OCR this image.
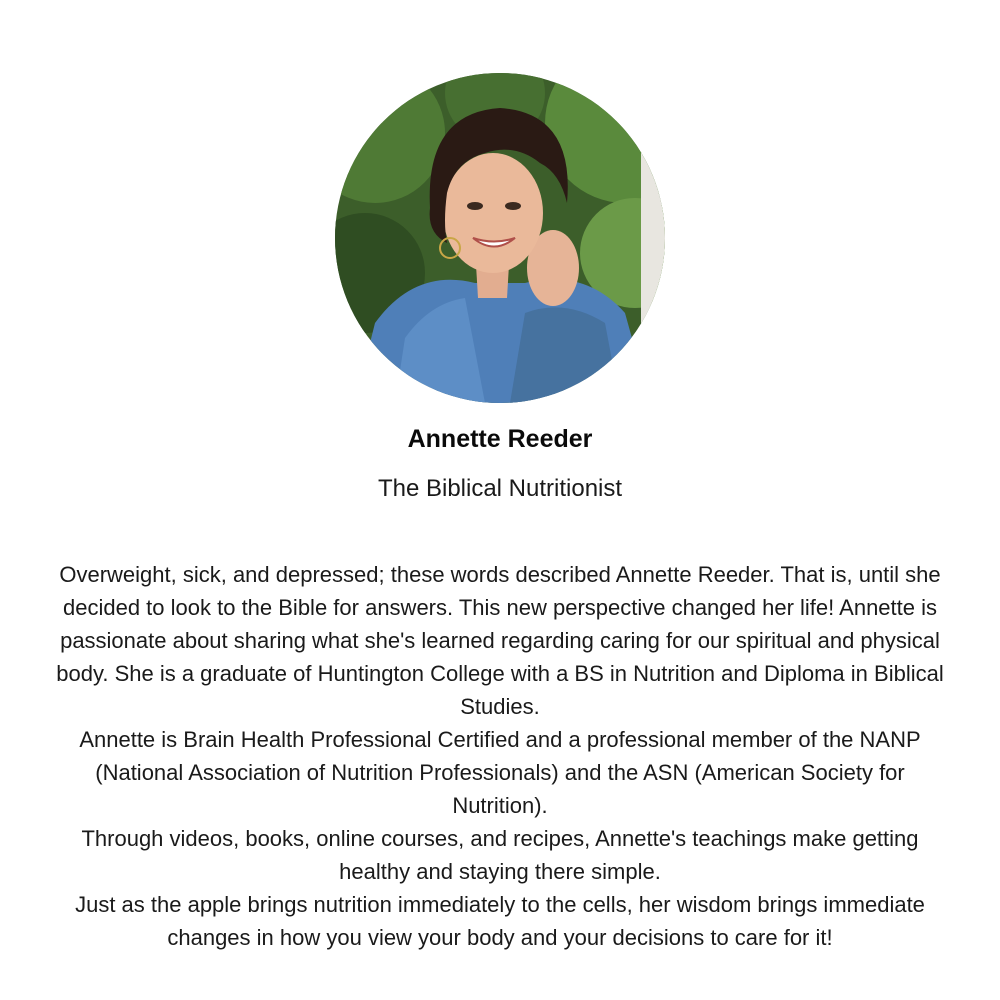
Annette Reeder
The Biblical Nutritionist

Overweight, sick, and depressed; these words described Annette Reeder. That is, until she decided to look to the Bible for answers. This new perspective changed her life! Annette is passionate about sharing what she's learned regarding caring for our spiritual and physical body. She is a graduate of Huntington College with a BS in Nutrition and Diploma in Biblical Studies.

Annette is Brain Health Professional Certified and a professional member of the NANP (National Association of Nutrition Professionals) and the ASN (American Society for Nutrition).

Through videos, books, online courses, and recipes, Annette's teachings make getting healthy and staying there simple.

Just as the apple brings nutrition immediately to the cells, her wisdom brings immediate changes in how you view your body and your decisions to care for it!
